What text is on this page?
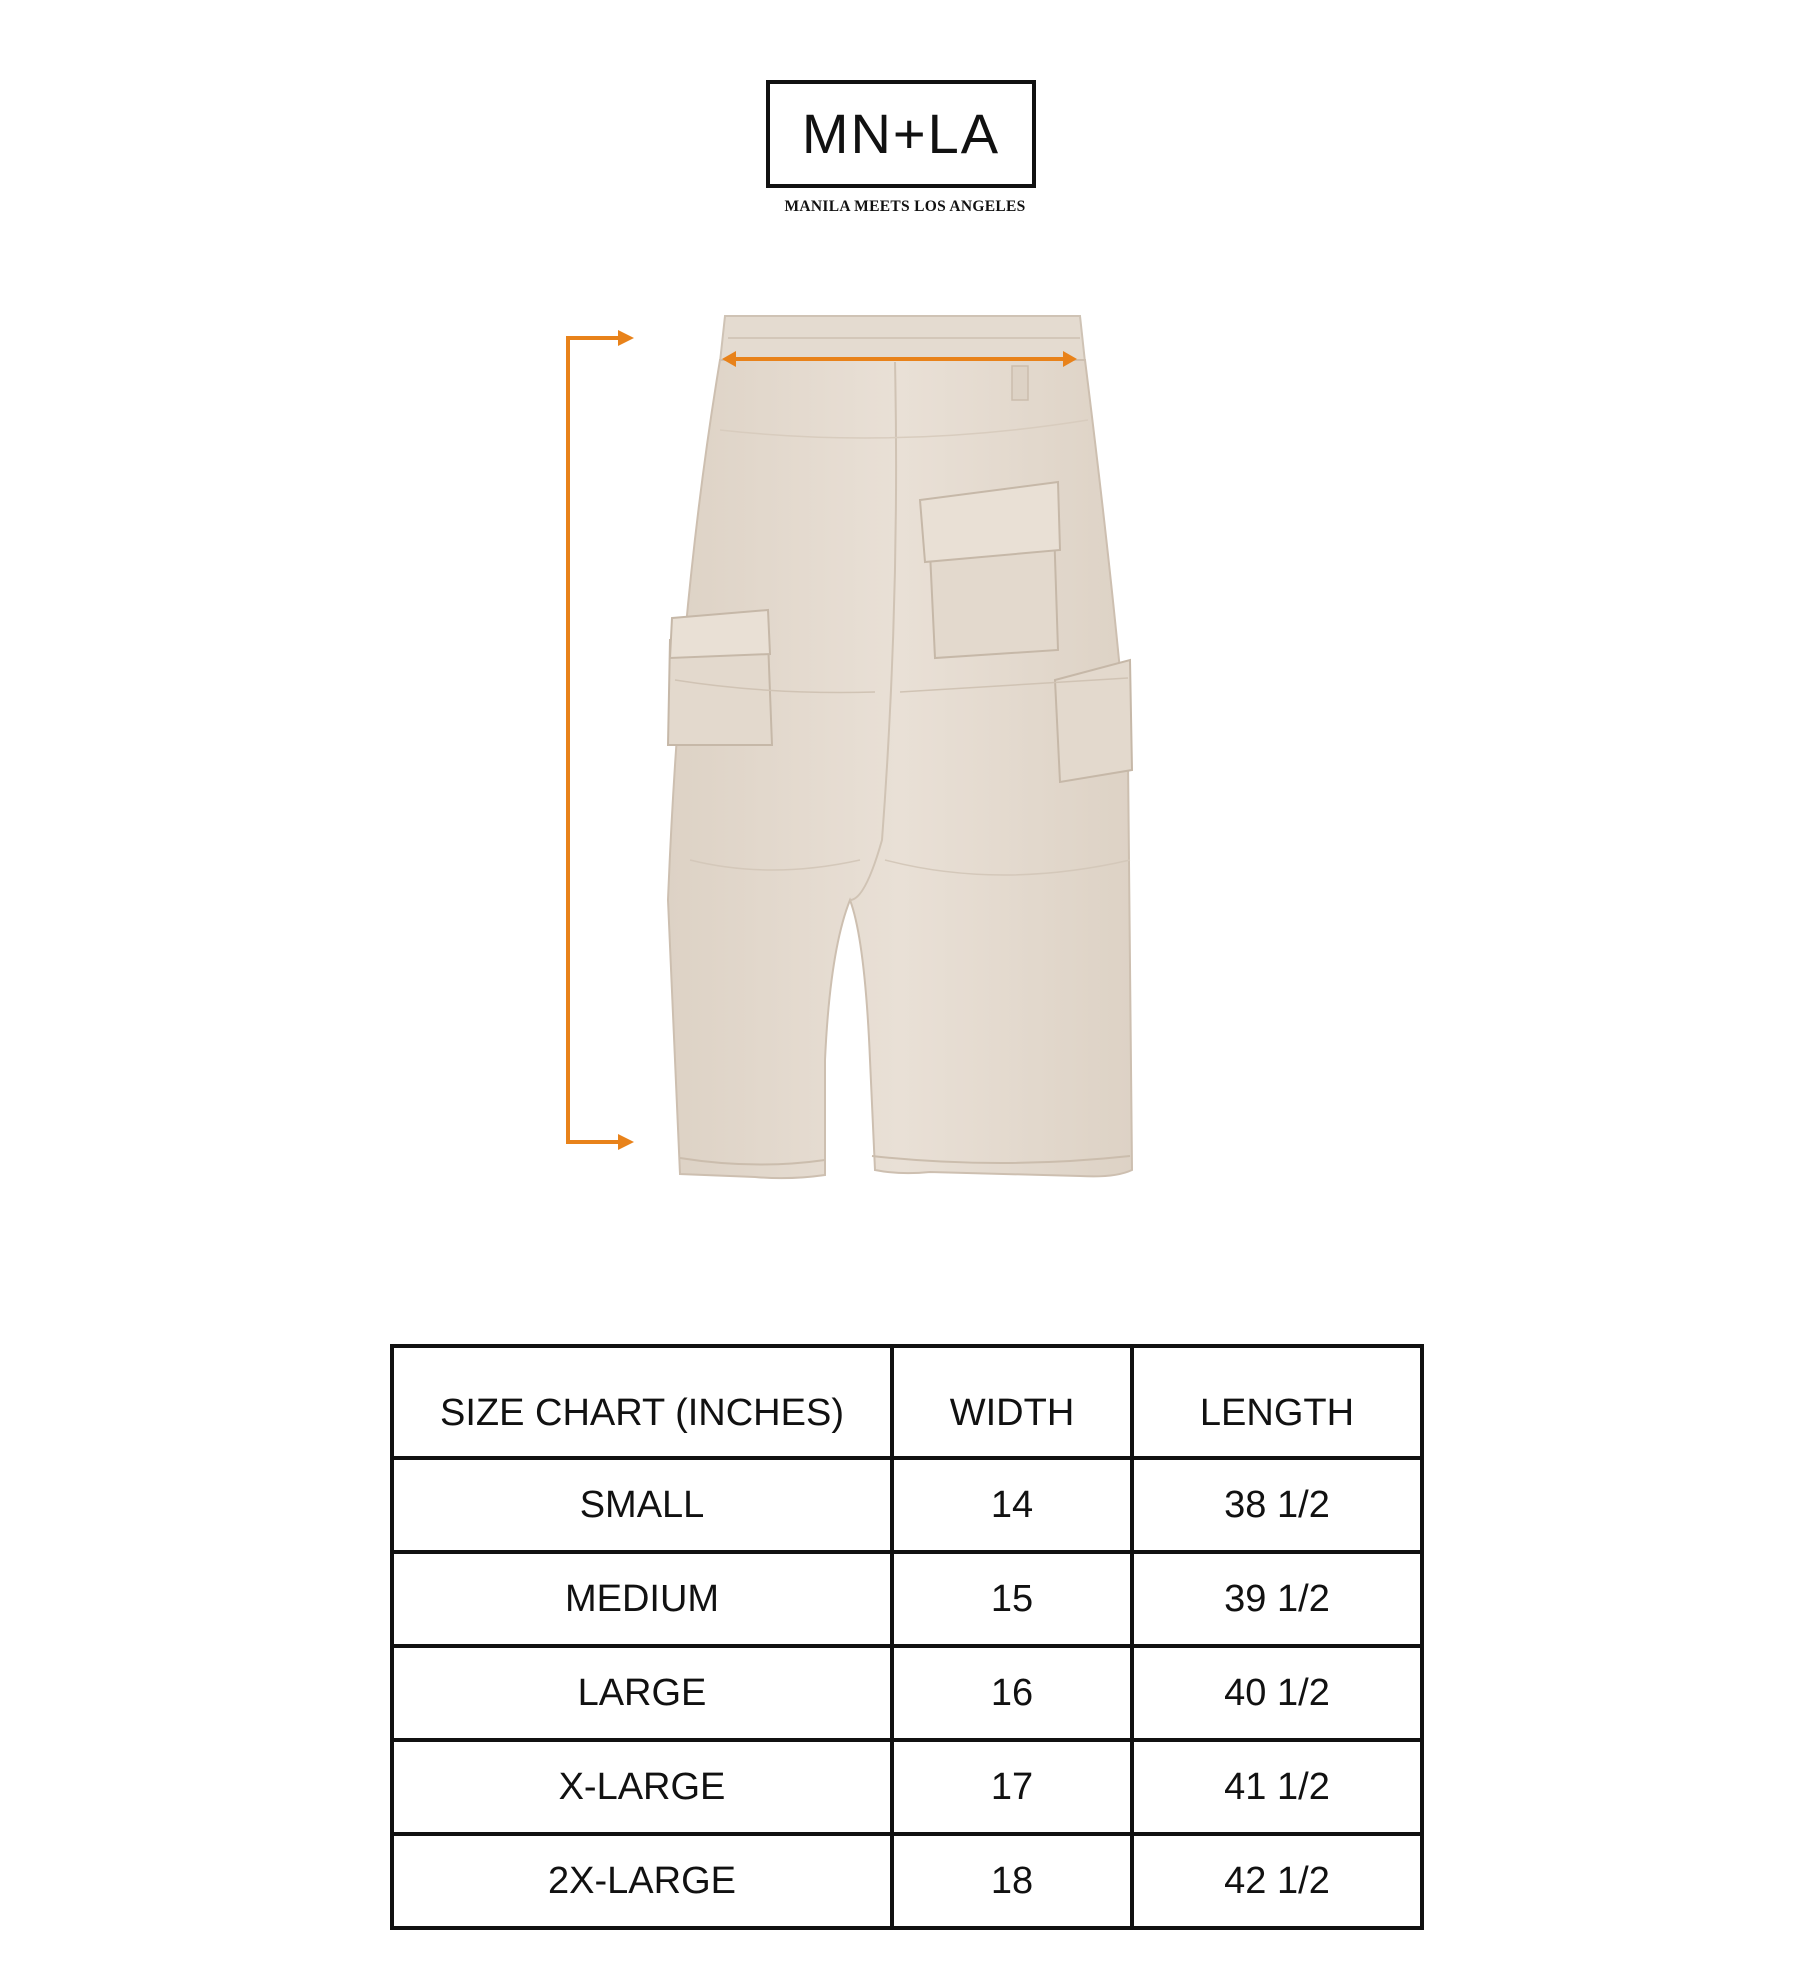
MN+LA
MANILA MEETS LOS ANGELES
SIZE CHART (INCHES)	WIDTH	LENGTH
SMALL	14	38 1/2
MEDIUM	15	39 1/2
LARGE	16	40 1/2
X-LARGE	17	41 1/2
2X-LARGE	18	42 1/2
